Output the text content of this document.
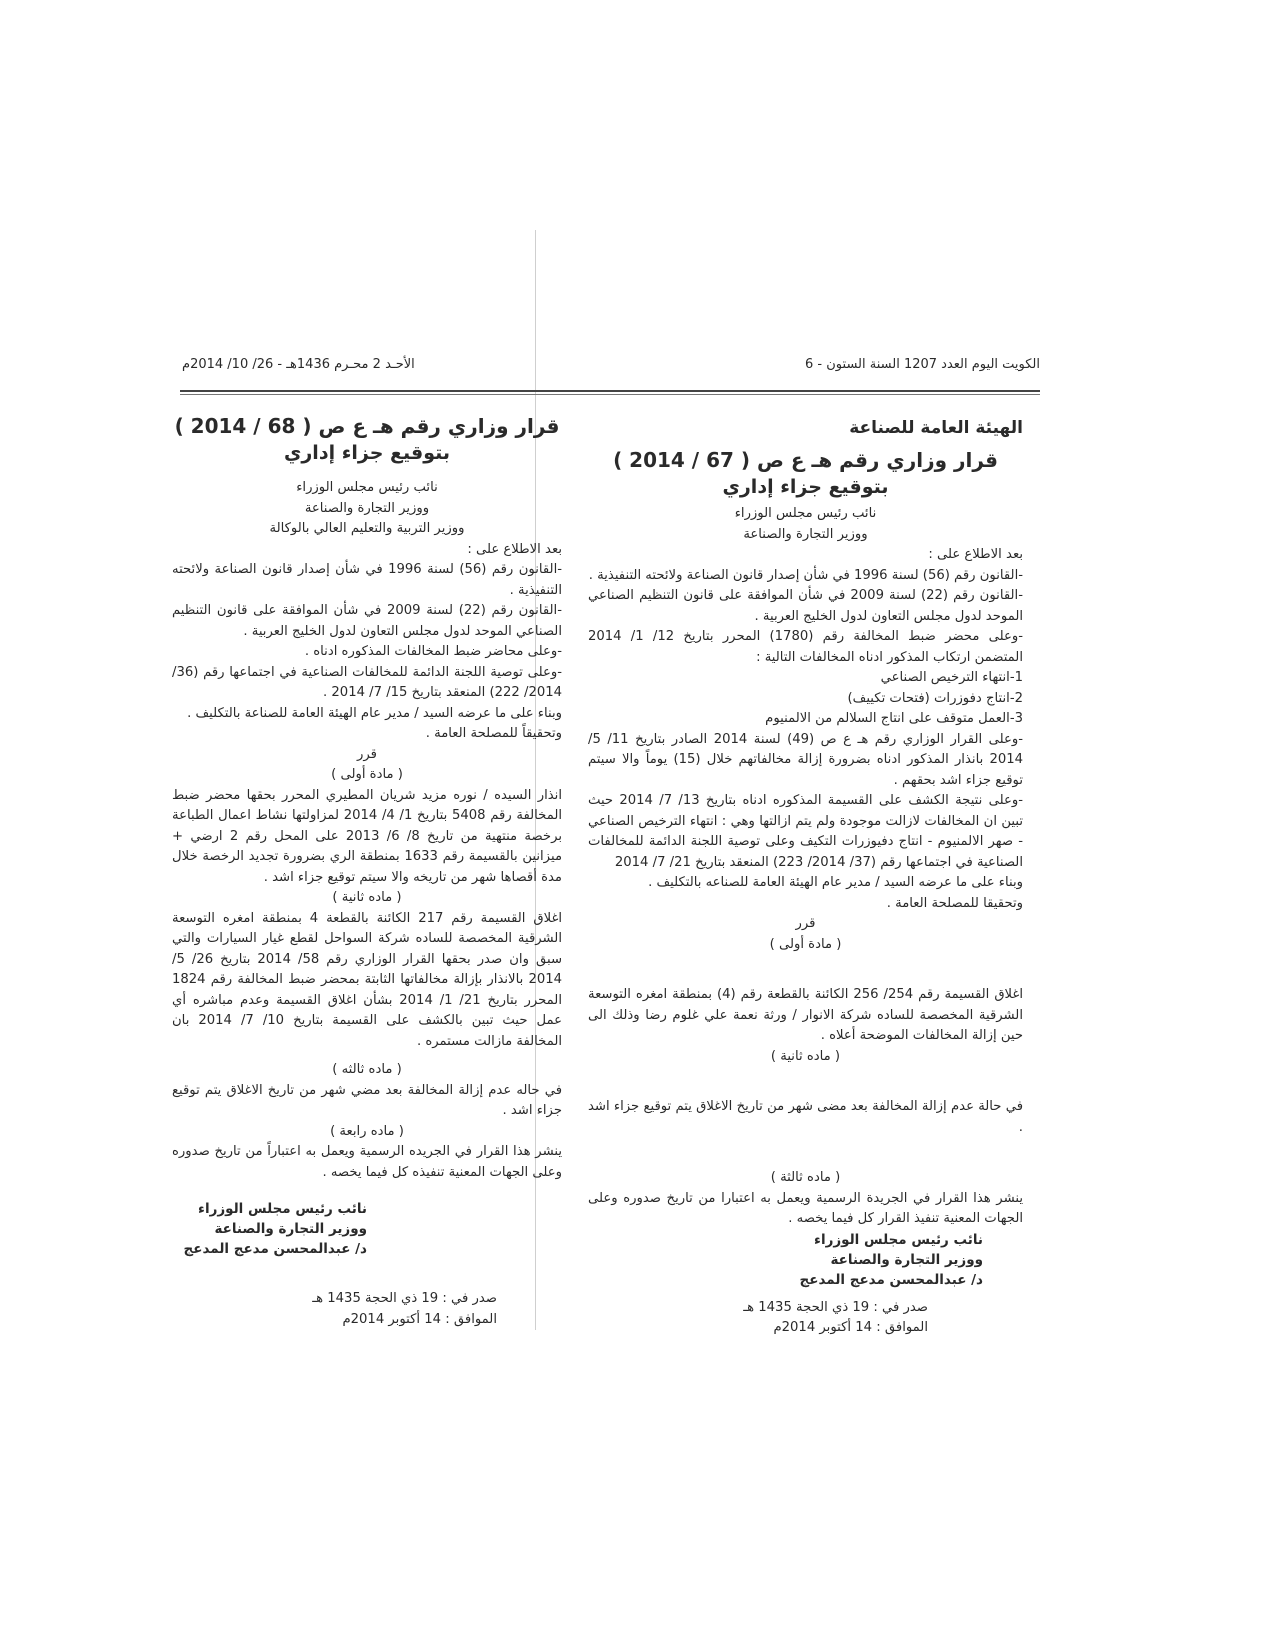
الكويت اليوم العدد 1207 السنة الستون - 6
الأحـد 2 محـرم 1436هـ - 26/ 10/ 2014م
الهيئة العامة للصناعة
قرار وزاري رقم هـ ع ص ( 67 / 2014 )
بتوقيع جزاء إداري

نائب رئيس مجلس الوزراء

ووزير التجارة والصناعة

بعد الاطلاع على :

-القانون رقم (56) لسنة 1996 في شأن إصدار قانون الصناعة ولائحته التنفيذية .

-القانون رقم (22) لسنة 2009 في شأن الموافقة على قانون التنظيم الصناعي الموحد لدول مجلس التعاون لدول الخليج العربية .

-وعلى محضر ضبط المخالفة رقم (1780) المحرر بتاريخ 12/ 1/ 2014 المتضمن ارتكاب المذكور ادناه المخالفات التالية :

1-انتهاء الترخيص الصناعي

2-انتاج دفوزرات (فتحات تكييف)

3-العمل متوقف على انتاج السلالم من الالمنيوم

-وعلى القرار الوزاري رقم هـ ع ص (49) لسنة 2014 الصادر بتاريخ 11/ 5/ 2014 بانذار المذكور ادناه بضرورة إزالة مخالفاتهم خلال (15) يوماً والا سيتم توقيع جزاء اشد بحقهم .

-وعلى نتيجة الكشف على القسيمة المذكوره ادناه بتاريخ 13/ 7/ 2014 حيث تبين ان المخالفات لازالت موجودة ولم يتم ازالتها وهي : انتهاء الترخيص الصناعي - صهر الالمنيوم - انتاج دفيوزرات التكيف وعلى توصية اللجنة الدائمة للمخالفات الصناعية في اجتماعها رقم (37/ 2014/ 223) المنعقد بتاريخ 21/ 7/ 2014

وبناء على ما عرضه السيد / مدير عام الهيئة العامة للصناعه بالتكليف .

وتحقيقا للمصلحة العامة .

قرر

( مادة أولى )

اغلاق القسيمة رقم 254/ 256 الكائنة بالقطعة رقم (4) بمنطقة امغره التوسعة الشرقية المخصصة للساده شركة الانوار / ورثة نعمة علي غلوم رضا وذلك الى حين إزالة المخالفات الموضحة أعلاه .

( ماده ثانية )

في حالة عدم إزالة المخالفة بعد مضى شهر من تاريخ الاغلاق يتم توقيع جزاء اشد .

( ماده ثالثة )

ينشر هذا القرار في الجريدة الرسمية ويعمل به اعتبارا من تاريخ صدوره وعلى الجهات المعنية تنفيذ القرار كل فيما يخصه .

نائب رئيس مجلس الوزراء

ووزير التجارة والصناعة

د/ عبدالمحسن مدعج المدعج

صدر في : 19 ذي الحجة 1435 هـ

الموافق : 14 أكتوبر 2014م

قرار وزاري رقم هـ ع ص ( 68 / 2014 )
بتوقيع جزاء إداري

نائب رئيس مجلس الوزراء

ووزير التجارة والصناعة

ووزير التربية والتعليم العالي بالوكالة

بعد الاطلاع على :

-القانون رقم (56) لسنة 1996 في شأن إصدار قانون الصناعة ولائحته التنفيذية .

-القانون رقم (22) لسنة 2009 في شأن الموافقة على قانون التنظيم الصناعي الموحد لدول مجلس التعاون لدول الخليج العربية .

-وعلى محاضر ضبط المخالفات المذكوره ادناه .

-وعلى توصية اللجنة الدائمة للمخالفات الصناعية في اجتماعها رقم (36/ 2014/ 222) المنعقد بتاريخ 15/ 7/ 2014 .

وبناء على ما عرضه السيد / مدير عام الهيئة العامة للصناعة بالتكليف .

وتحقيقاً للمصلحة العامة .

قرر

( مادة أولى )

انذار السيده / نوره مزيد شريان المطيري المحرر بحقها محضر ضبط المخالفة رقم 5408 بتاريخ 1/ 4/ 2014 لمزاولتها نشاط اعمال الطباعة برخصة منتهية من تاريخ 8/ 6/ 2013 على المحل رقم 2 ارضي + ميزانين بالقسيمة رقم 1633 بمنطقة الري بضرورة تجديد الرخصة خلال مدة أقصاها شهر من تاريخه والا سيتم توقيع جزاء اشد .

( ماده ثانية )

اغلاق القسيمة رقم 217 الكائنة بالقطعة 4 بمنطقة امغره التوسعة الشرقية المخصصة للساده شركة السواحل لقطع غيار السيارات والتي سبق وان صدر بحقها القرار الوزاري رقم 58/ 2014 بتاريخ 26/ 5/ 2014 بالانذار بإزالة مخالفاتها الثابتة بمحضر ضبط المخالفة رقم 1824 المحرر بتاريخ 21/ 1/ 2014 بشأن اغلاق القسيمة وعدم مباشره أي عمل حيث تبين بالكشف على القسيمة بتاريخ 10/ 7/ 2014 بان المخالفة مازالت مستمره .

( ماده ثالثه )

في حاله عدم إزالة المخالفة بعد مضي شهر من تاريخ الاغلاق يتم توقيع جزاء اشد .

( ماده رابعة )

ينشر هذا القرار في الجريده الرسمية ويعمل به اعتباراً من تاريخ صدوره وعلى الجهات المعنية تنفيذه كل فيما يخصه .

نائب رئيس مجلس الوزراء

ووزير التجارة والصناعة

د/ عبدالمحسن مدعج المدعج

صدر في : 19 ذي الحجة 1435 هـ

الموافق : 14 أكتوبر 2014م
